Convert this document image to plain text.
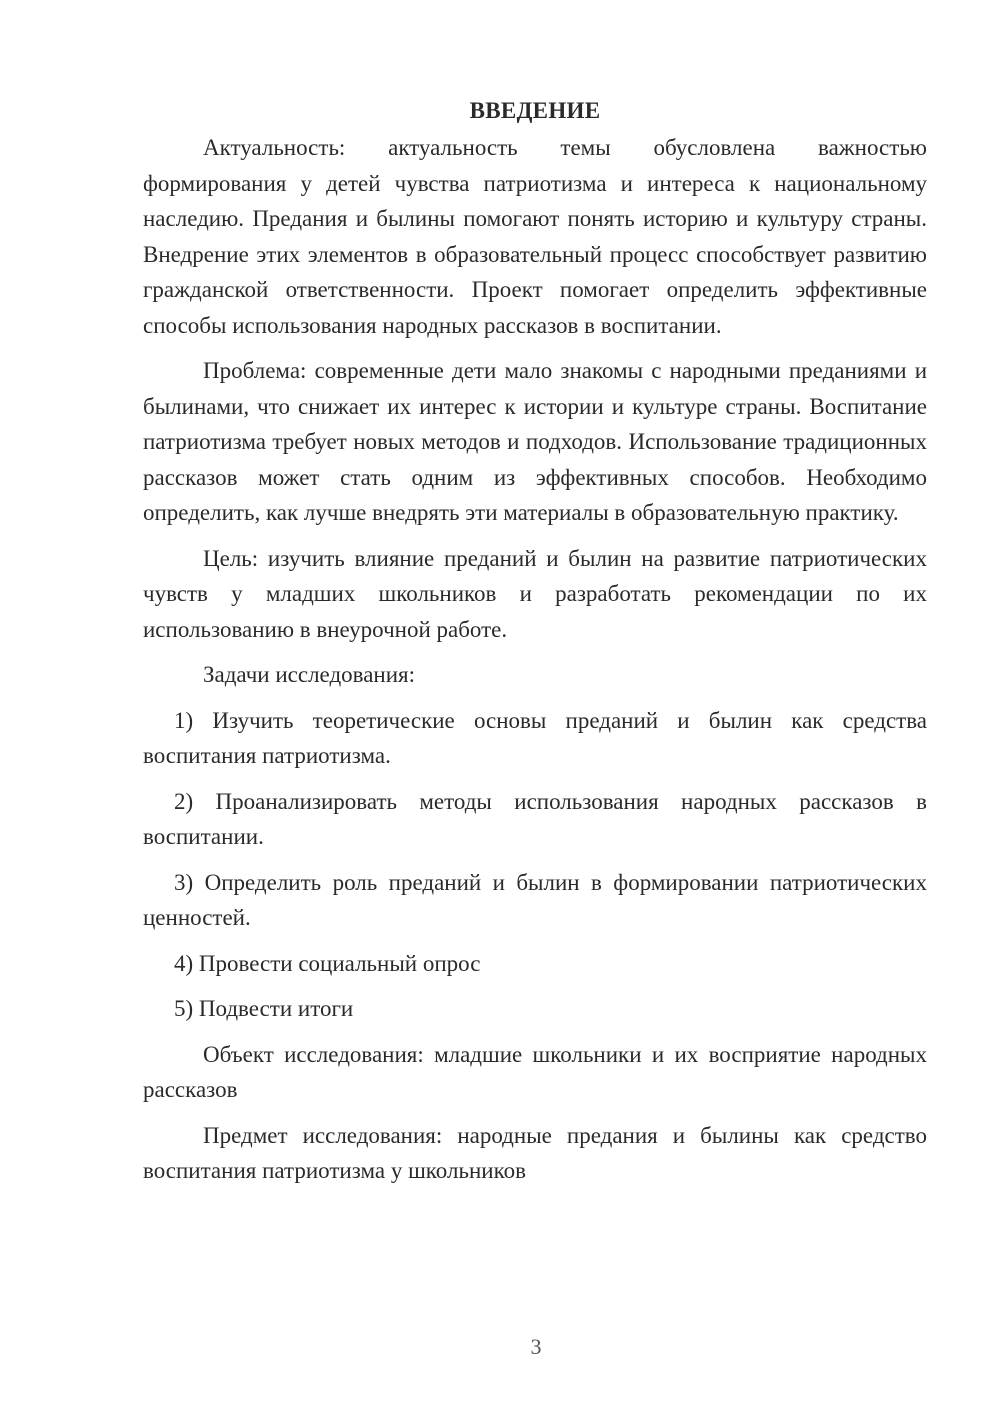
ВВЕДЕНИЕ

Актуальность: актуальность темы обусловлена важностью формирования у детей чувства патриотизма и интереса к национальному наследию. Предания и былины помогают понять историю и культуру страны. Внедрение этих элементов в образовательный процесс способствует развитию гражданской ответственности. Проект помогает определить эффективные способы использования народных рассказов в воспитании.

Проблема: современные дети мало знакомы с народными преданиями и былинами, что снижает их интерес к истории и культуре страны. Воспитание патриотизма требует новых методов и подходов. Использование традиционных рассказов может стать одним из эффективных способов. Необходимо определить, как лучше внедрять эти материалы в образовательную практику.

Цель: изучить влияние преданий и былин на развитие патриотических чувств у младших школьников и разработать рекомендации по их использованию в внеурочной работе.

Задачи исследования:

1) Изучить теоретические основы преданий и былин как средства воспитания патриотизма.

2) Проанализировать методы использования народных рассказов в воспитании.

3) Определить роль преданий и былин в формировании патриотических ценностей.

4) Провести социальный опрос

5) Подвести итоги

Объект исследования: младшие школьники и их восприятие народных рассказов

Предмет исследования: народные предания и былины как средство воспитания патриотизма у школьников

3
